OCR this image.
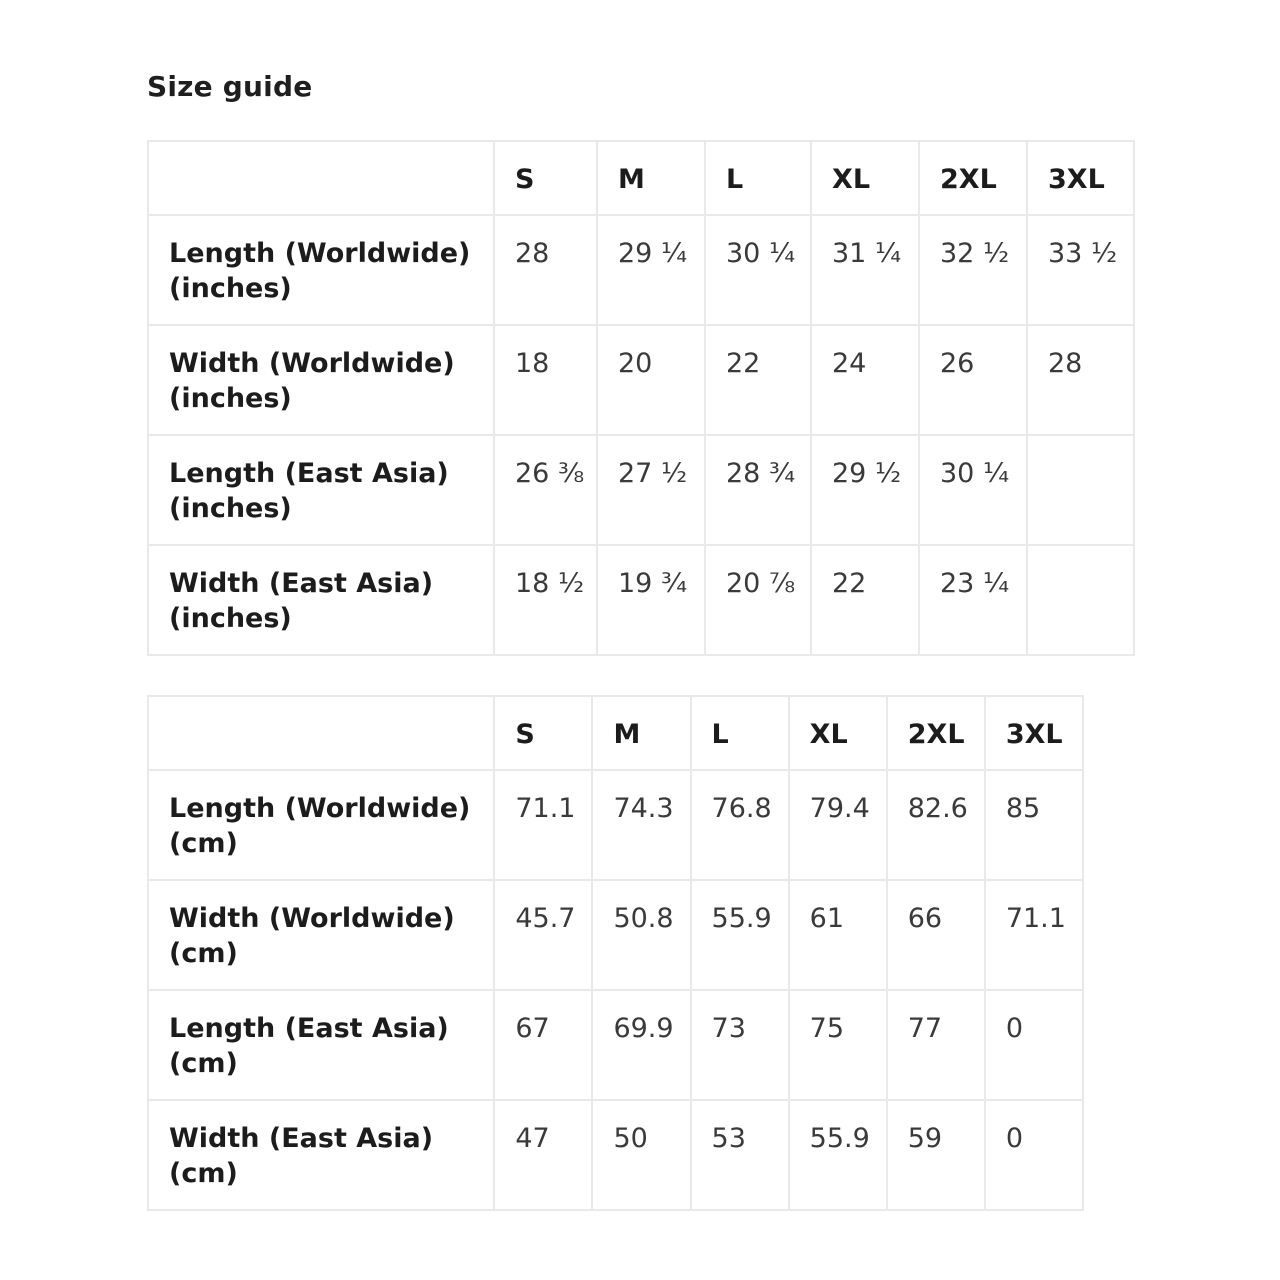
Size guide
	S	M	L	XL	2XL	3XL
Length (Worldwide) (inches)	28	29 ¼	30 ¼	31 ¼	32 ½	33 ½
Width (Worldwide) (inches)	18	20	22	24	26	28
Length (East Asia) (inches)	26 ⅜	27 ½	28 ¾	29 ½	30 ¼	
Width (East Asia) (inches)	18 ½	19 ¾	20 ⅞	22	23 ¼	
	S	M	L	XL	2XL	3XL
Length (Worldwide) (cm)	71.1	74.3	76.8	79.4	82.6	85
Width (Worldwide) (cm)	45.7	50.8	55.9	61	66	71.1
Length (East Asia) (cm)	67	69.9	73	75	77	0
Width (East Asia) (cm)	47	50	53	55.9	59	0
